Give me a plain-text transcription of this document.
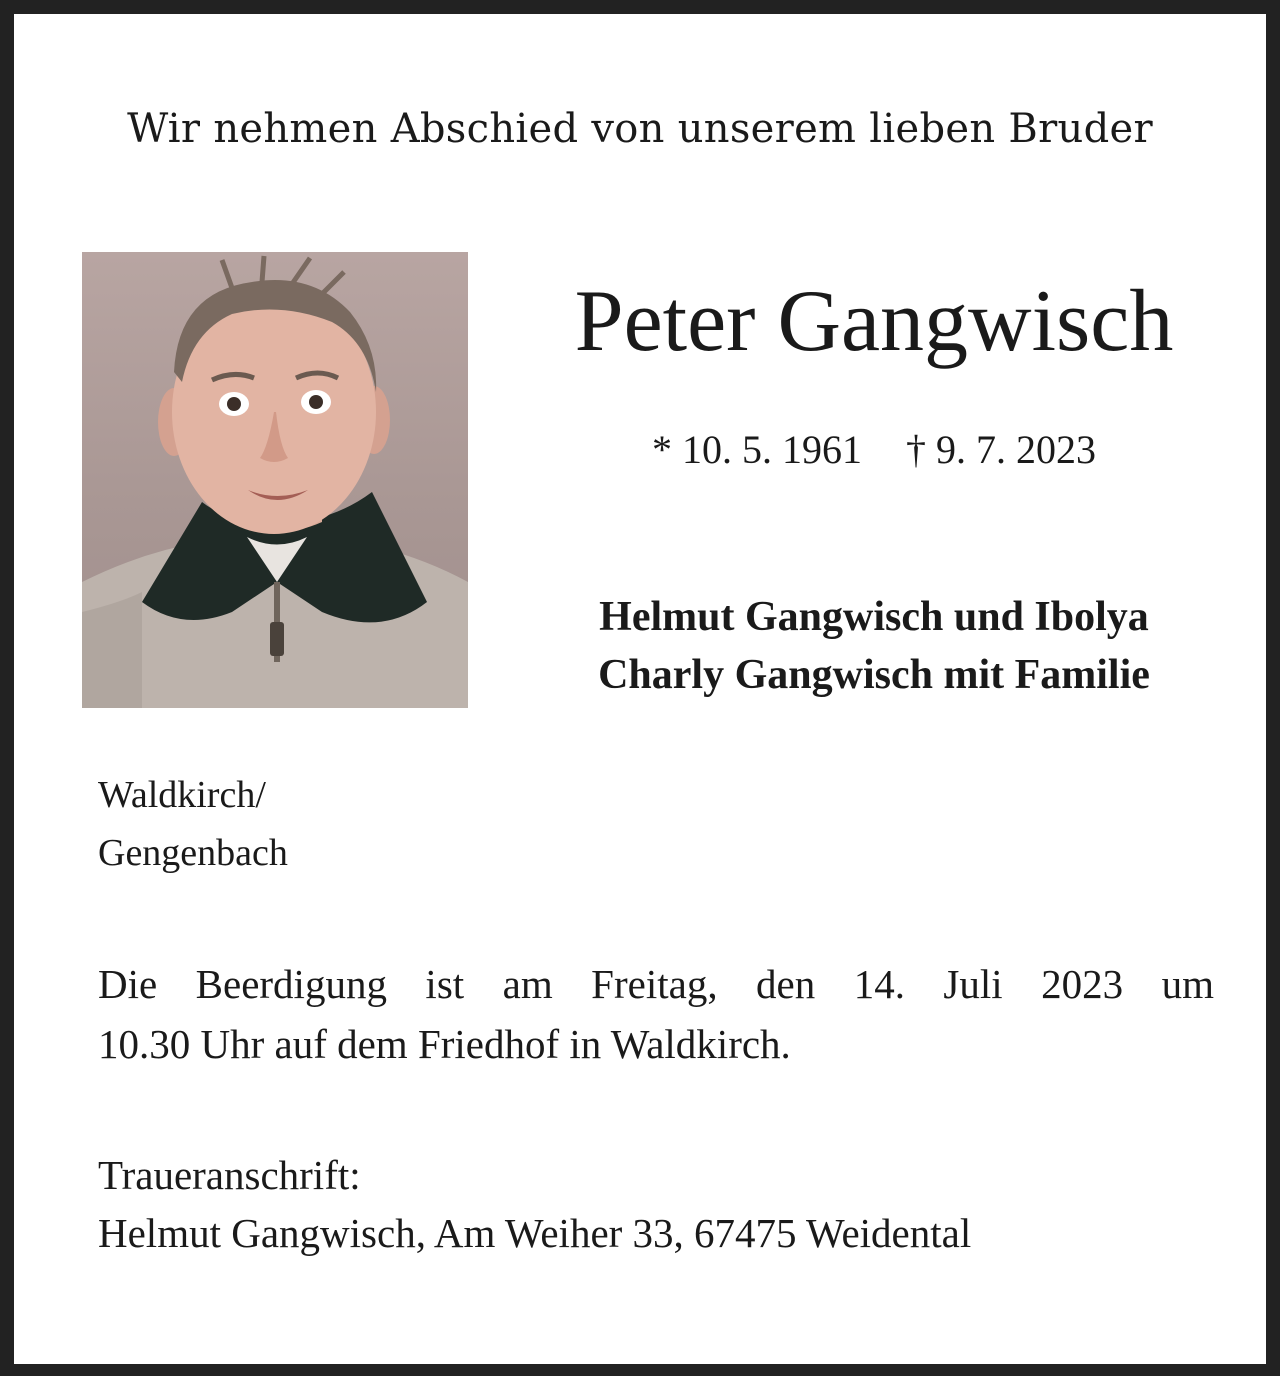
Wir nehmen Abschied von unserem lieben Bruder
Peter Gangwisch
* 10. 5. 1961 † 9. 7. 2023
Helmut Gangwisch und Ibolya
Charly Gangwisch mit Familie
Waldkirch/
Gengenbach
Die Beerdigung ist am Freitag, den 14. Juli 2023 um
10.30 Uhr auf dem Friedhof in Waldkirch.
Traueranschrift:
Helmut Gangwisch, Am Weiher 33, 67475 Weidental
